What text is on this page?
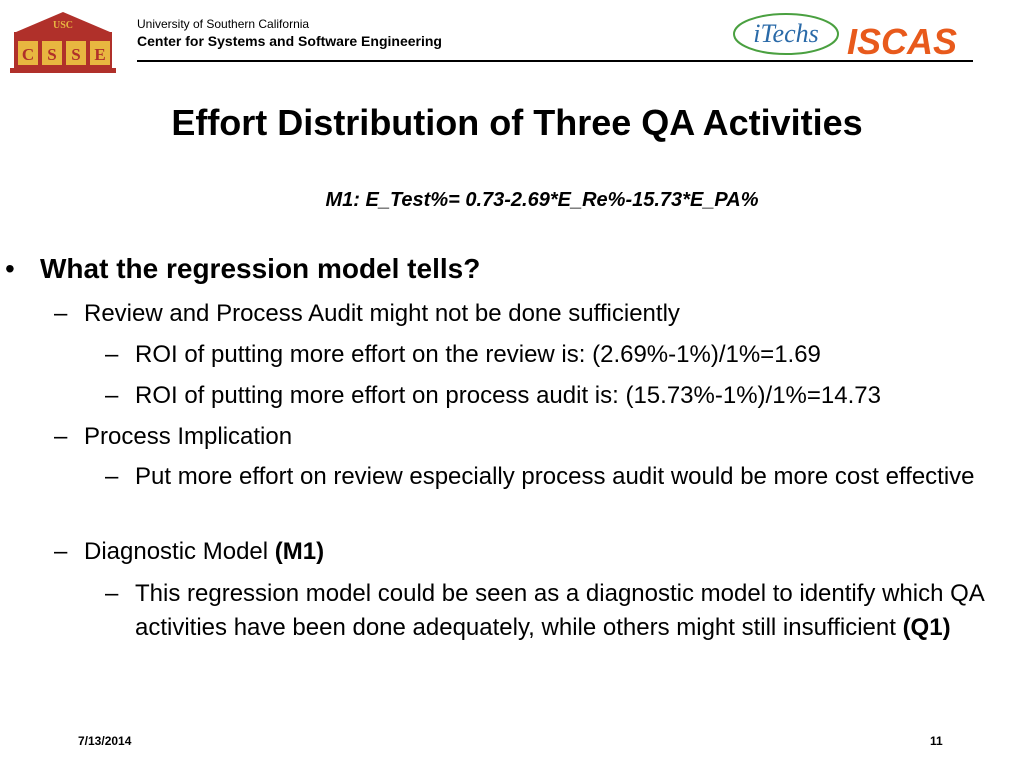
USC
C S S E
University of Southern California
Center for Systems and Software Engineering	iTechs ISCAS
Effort Distribution of Three QA Activities
M1: E_Test%= 0.73-2.69*E_Re%-15.73*E_PA%
• What the regression model tells?
– Review and Process Audit might not be done sufficiently
– ROI of putting more effort on the review is: (2.69%-1%)/1%=1.69
– ROI of putting more effort on process audit is: (15.73%-1%)/1%=14.73
– Process Implication
– Put more effort on review especially process audit would be more cost effective
– Diagnostic Model (M1)
– This regression model could be seen as a diagnostic model to identify which QA activities have been done adequately, while others might still insufficient (Q1)
7/13/2014	11
